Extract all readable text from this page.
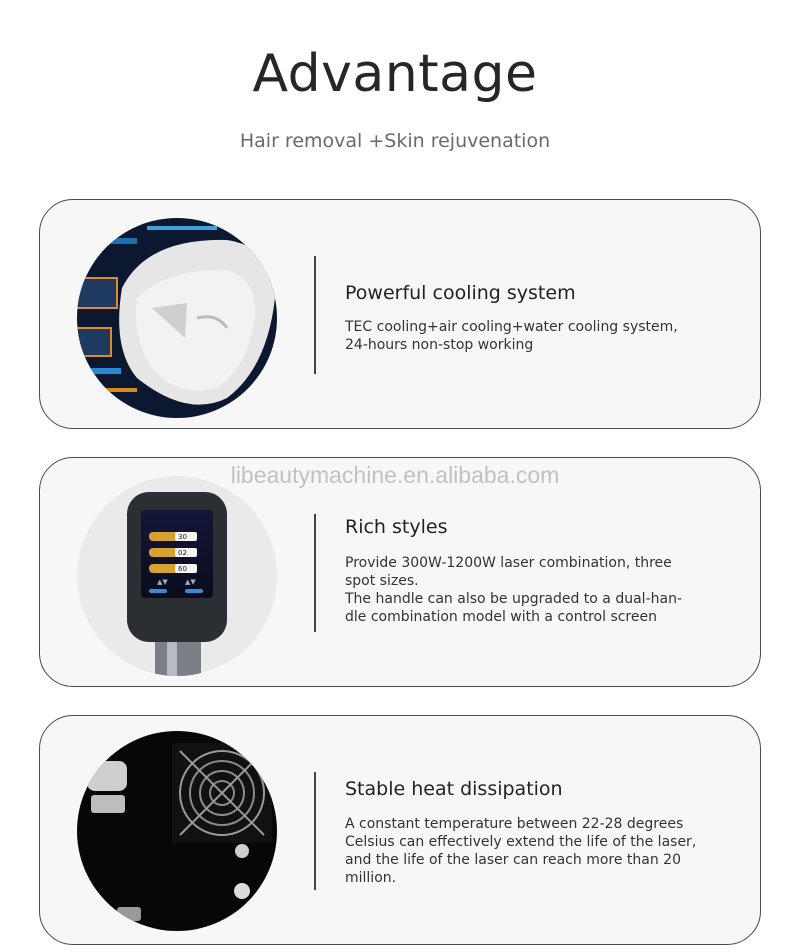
Advantage
Hair removal +Skin rejuvenation
Powerful cooling system
TEC cooling+air cooling+water cooling system,
24-hours non-stop working
30
02
60
▲▼ ▲▼
Rich styles
Provide 300W-1200W laser combination, three
spot sizes.
The handle can also be upgraded to a dual-han-
dle combination model with a control screen
Stable heat dissipation
A constant temperature between 22-28 degrees
Celsius can effectively extend the life of the laser,
and the life of the laser can reach more than 20
million.
libeautymachine.en.alibaba.com
